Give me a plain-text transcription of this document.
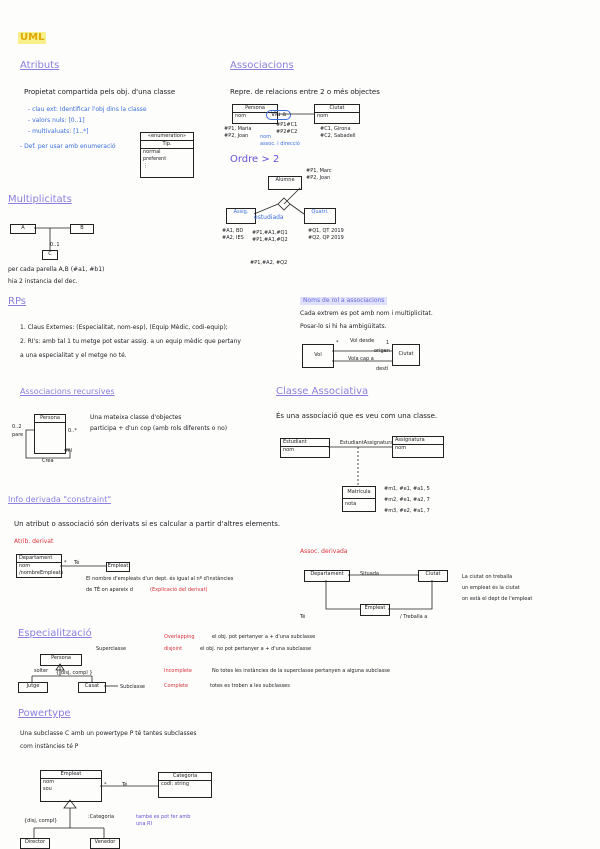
UML
Atributs
Propietat compartida pels obj. d'una classe
- clau ext: Identificar l'obj dins la classe
- valors nuls: [0..1]
- multivaluats: [1..*]
- Def. per usar amb enumeració
«enumeration»
Tip.
normal
preferent
⋮
Associacions
Repre. de relacions entre 2 o més objectes
Persona
nom
Ciutat
nom
Viu a
#P1, Maria
#P2, Joan
#P1#C1
#P2#C2	#C1, Girona
#C2, Sabadell
nom
assoc. i direcció
Ordre > 2
Alumne
#P1, Marc
#P2, Joan
Assig.
estudiada
Quatri.
#A1, BD
#A2, IES
#P1,#A1,#Q1
#P1,#A1,#Q2
#Q1, QT 2019
#Q2, QP 2019
#P1,#A2, #Q2
Multiplicitats
A	B
C
0..1
per cada parella A,B (#a1, #b1)
hia 2 instancia del dec.
RPs
1. Claus Externes: (Especialitat, nom-esp), (Equip Mèdic, codi-equip);
2. RI's: amb tal 1 tu metge pot estar assig. a un equip mèdic que pertany
a una especialitat y el metge no té.
Noms de rol a associacions
Cada extrem es pot amb nom i multiplicitat.
Posar-lo si hi ha ambigüitats.
Vol	Ciutat
Vol desde
origen
Vola cap a
destí
*	1
Associacions recursives
Persona
0..2
pare
0..*
fill
Crea
Una mateixa classe d'objectes
participa + d'un cop (amb rols diferents o no)
Classe Associativa
És una associació que es veu com una classe.
Estudiant
nom
EstudiantAssignatura Assignatura
nom
Matrícula
nota
#m1, #e1, #a1, 5
#m2, #e1, #a2, 7
#m3, #e2, #a1, 7
Info derivada "constraint"
Un atribut o associació són derivats si es calcular a partir d'altres elements.
Atrib. derivat
Departament
nom
/nombreEmpleats
Té	Empleat
*
El nombre d'empleats d'un dept. és igual al nº d'instàncies
de TÉ on apareix d	(Explicació del derivat)
Assoc. derivada
Departament	Situada	Ciutat
Empleat
Té	/ Treballa a
La ciutat on treballa
un empleat és la ciutat
on està el dept de l'empleat
Especialització
Persona
Superclasse
{ disj, compl }
solter
Jutge	Casat	Subclasse
Overlapping	el obj. pot pertanyer a + d'una subclasse
disjoint	el obj. no pot pertanyer a + d'una subclasse
Incomplete	No totes les instàncies de la superclasse pertanyen a alguna subclasse
Complete	totes es troben a les subclasses
Powertype
Una subclasse C amb un powertype P té tantes subclasses
com instàncies té P
Empleat
nom
sou
Té
*
Categoria
codi: string
{disj, compl}
:Categoria	també es pot fer amb una RI
Director	Venedor
